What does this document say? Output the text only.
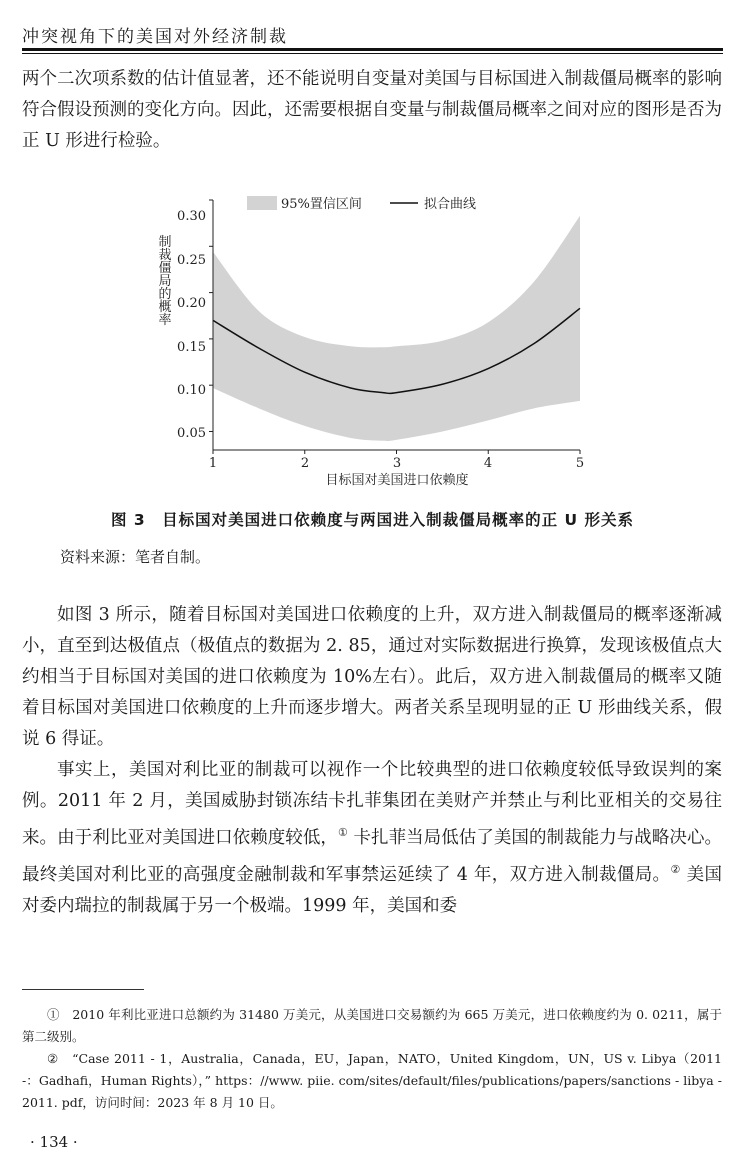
冲突视角下的美国对外经济制裁

两个二次项系数的估计值显著，还不能说明自变量对美国与目标国进入制裁僵局概率的影响符合假设预测的变化方向。因此，还需要根据自变量与制裁僵局概率之间对应的图形是否为正 U 形进行检验。

95%置信区间	拟合曲线
0.05
0.10
0.15
0.20
0.25
0.30
1	2	3	4	5
目标国对美国进口依赖度
制裁僵局的概率
图 3　目标国对美国进口依赖度与两国进入制裁僵局概率的正 U 形关系
资料来源：笔者自制。

如图 3 所示，随着目标国对美国进口依赖度的上升，双方进入制裁僵局的概率逐渐减小，直至到达极值点（极值点的数据为 2. 85，通过对实际数据进行换算，发现该极值点大约相当于目标国对美国的进口依赖度为 10%左右）。此后，双方进入制裁僵局的概率又随着目标国对美国进口依赖度的上升而逐步增大。两者关系呈现明显的正 U 形曲线关系，假说 6 得证。

事实上，美国对利比亚的制裁可以视作一个比较典型的进口依赖度较低导致误判的案例。2011 年 2 月，美国威胁封锁冻结卡扎菲集团在美财产并禁止与利比亚相关的交易往来。由于利比亚对美国进口依赖度较低，① 卡扎菲当局低估了美国的制裁能力与战略决心。最终美国对利比亚的高强度金融制裁和军事禁运延续了 4 年，双方进入制裁僵局。② 美国对委内瑞拉的制裁属于另一个极端。1999 年，美国和委

①　2010 年利比亚进口总额约为 31480 万美元，从美国进口交易额约为 665 万美元，进口依赖度约为 0. 0211，属于第二级别。

②　“Case 2011 - 1，Australia，Canada，EU，Japan，NATO，United Kingdom，UN，US v. Libya（2011 -：Gadhafi，Human Rights），” https：//www. piie. com/sites/default/files/publications/papers/sanctions - libya - 2011. pdf，访问时间：2023 年 8 月 10 日。

· 134 ·
